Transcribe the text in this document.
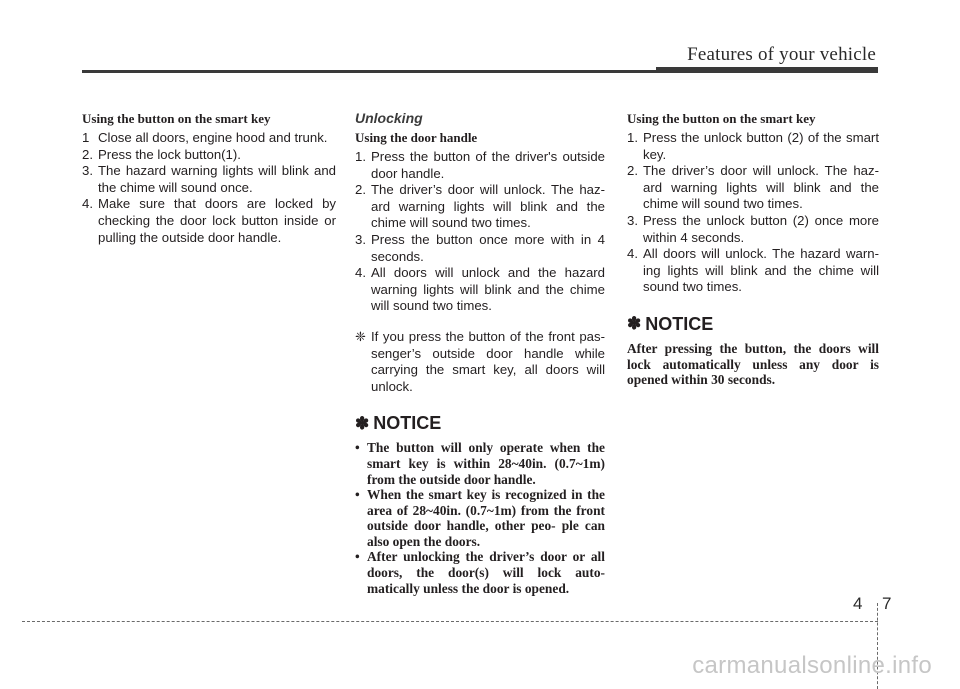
Features of your vehicle

Using the button on the smart key

1 Close all doors, engine hood and trunk.
2. Press the lock button(1).
3. The hazard warning lights will blink and the chime will sound once.
4. Make sure that doors are locked by checking the door lock button inside or pulling the outside door handle.

Unlocking

Using the door handle

1. Press the button of the driver's outside door handle.
2. The driver’s door will unlock. The haz- ard warning lights will blink and the chime will sound two times.
3. Press the button once more with in 4 seconds.
4. All doors will unlock and the hazard warning lights will blink and the chime will sound two times.
❈ If you press the button of the front pas- senger’s outside door handle while carrying the smart key, all doors will unlock.
✽ NOTICE
• The button will only operate when the smart key is within 28~40in. (0.7~1m) from the outside door handle.
• When the smart key is recognized in the area of 28~40in. (0.7~1m) from the front outside door handle, other peo- ple can also open the doors.
• After unlocking the driver’s door or all doors, the door(s) will lock auto- matically unless the door is opened.

Using the button on the smart key

1. Press the unlock button (2) of the smart key.
2. The driver’s door will unlock. The haz- ard warning lights will blink and the chime will sound two times.
3. Press the unlock button (2) once more within 4 seconds.
4. All doors will unlock. The hazard warn- ing lights will blink and the chime will sound two times.
✽ NOTICE

After pressing the button, the doors will lock automatically unless any door is opened within 30 seconds.

4 7
carmanualsonline.info
